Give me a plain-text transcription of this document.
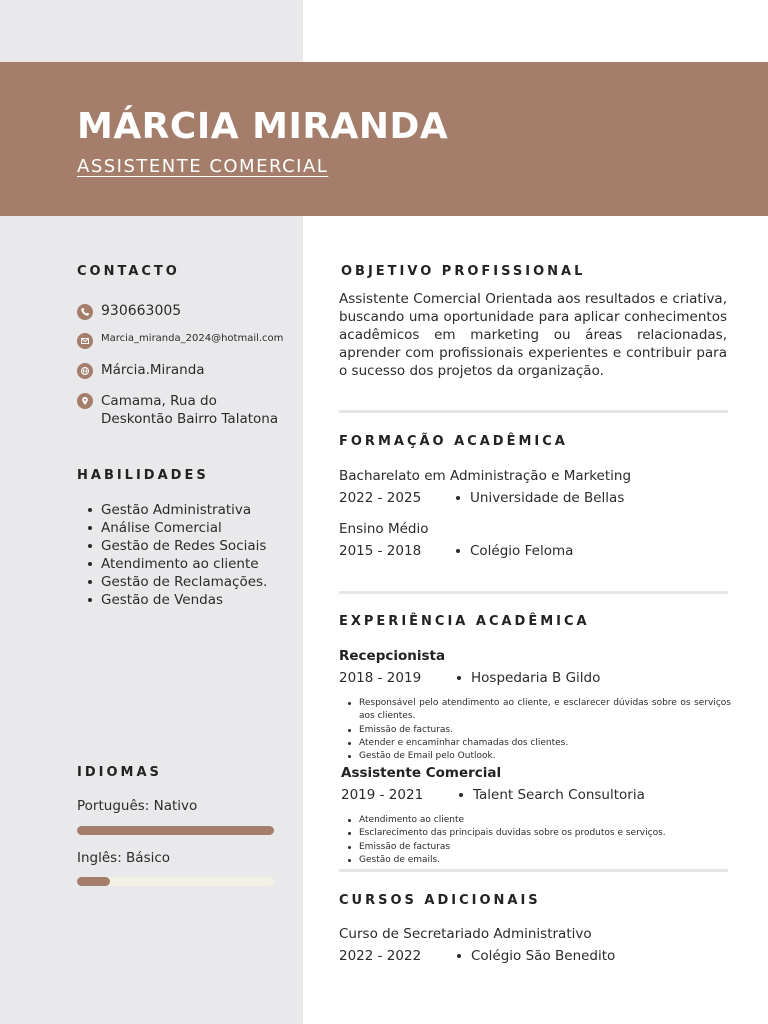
MÁRCIA MIRANDA
ASSISTENTE COMERCIAL
CONTACTO
930663005
Marcia_miranda_2024@hotmail.com
Márcia.Miranda
Camama, Rua do
Deskontão Bairro Talatona
HABILIDADES
Gestão Administrativa
Análise Comercial
Gestão de Redes Sociais
Atendimento ao cliente
Gestão de Reclamações.
Gestão de Vendas
IDIOMAS
Português: Nativo
Inglês: Básico
OBJETIVO PROFISSIONAL
Assistente Comercial Orientada aos resultados e criativa, buscando uma oportunidade para aplicar conhecimentos acadêmicos em marketing ou áreas relacionadas, aprender com profissionais experientes e contribuir para o sucesso dos projetos da organização.
FORMAÇÃO ACADÊMICA
Bacharelato em Administração e Marketing
2022 - 2025	Universidade de Bellas
Ensino Médio
2015 - 2018	Colégio Feloma
EXPERIÊNCIA ACADÊMICA
Recepcionista
2018 - 2019	Hospedaria B Gildo
Responsável pelo atendimento ao cliente, e esclarecer dúvidas sobre os serviços aos clientes.
Emissão de facturas.
Atender e encaminhar chamadas dos clientes.
Gestão de Email pelo Outlook.
Assistente Comercial
2019 - 2021	Talent Search Consultoria
Atendimento ao cliente
Esclarecimento das principais duvidas sobre os produtos e serviços.
Emissão de facturas
Gestão de emails.
CURSOS ADICIONAIS
Curso de Secretariado Administrativo
2022 - 2022	Colégio São Benedito
